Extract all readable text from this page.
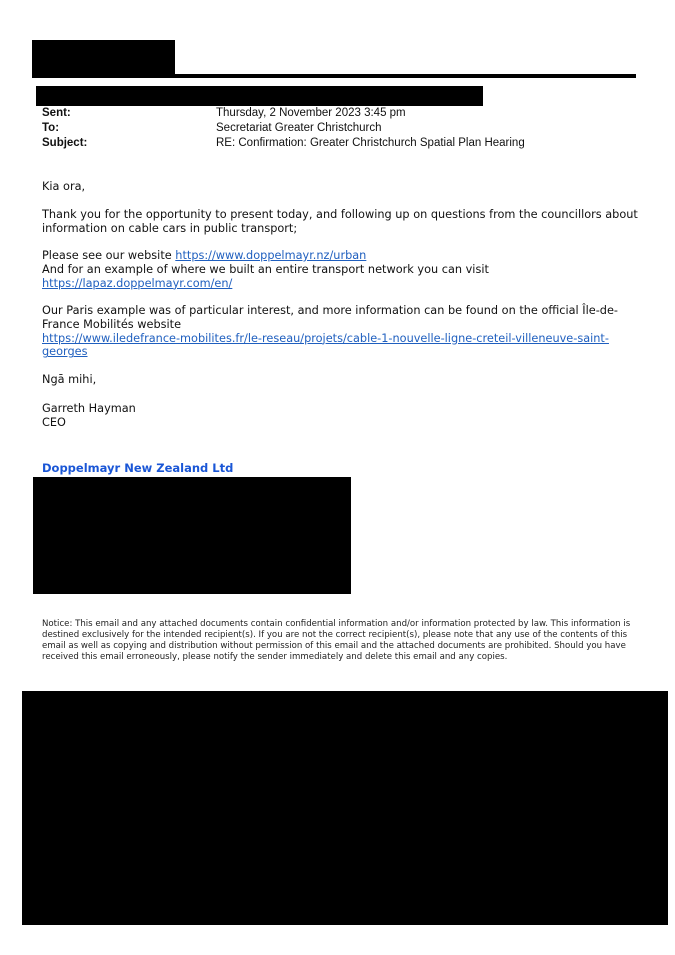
Sent:	Thursday, 2 November 2023 3:45 pm
To:	Secretariat Greater Christchurch
Subject:	RE: Confirmation: Greater Christchurch Spatial Plan Hearing

Kia ora,

Thank you for the opportunity to present today, and following up on questions from the councillors about information on cable cars in public transport;

Please see our website https://www.doppelmayr.nz/urban

And for an example of where we built an entire transport network you can visit

https://lapaz.doppelmayr.com/en/

Our Paris example was of particular interest, and more information can be found on the official Île-de-France Mobilités website

https://www.iledefrance-mobilites.fr/le-reseau/projets/cable-1-nouvelle-ligne-creteil-villeneuve-saint-georges

Ngā mihi,

Garreth Hayman

CEO

Doppelmayr New Zealand Ltd
Notice: This email and any attached documents contain confidential information and/or information protected by law. This information is destined exclusively for the intended recipient(s). If you are not the correct recipient(s), please note that any use of the contents of this email as well as copying and distribution without permission of this email and the attached documents are prohibited. Should you have received this email erroneously, please notify the sender immediately and delete this email and any copies.
